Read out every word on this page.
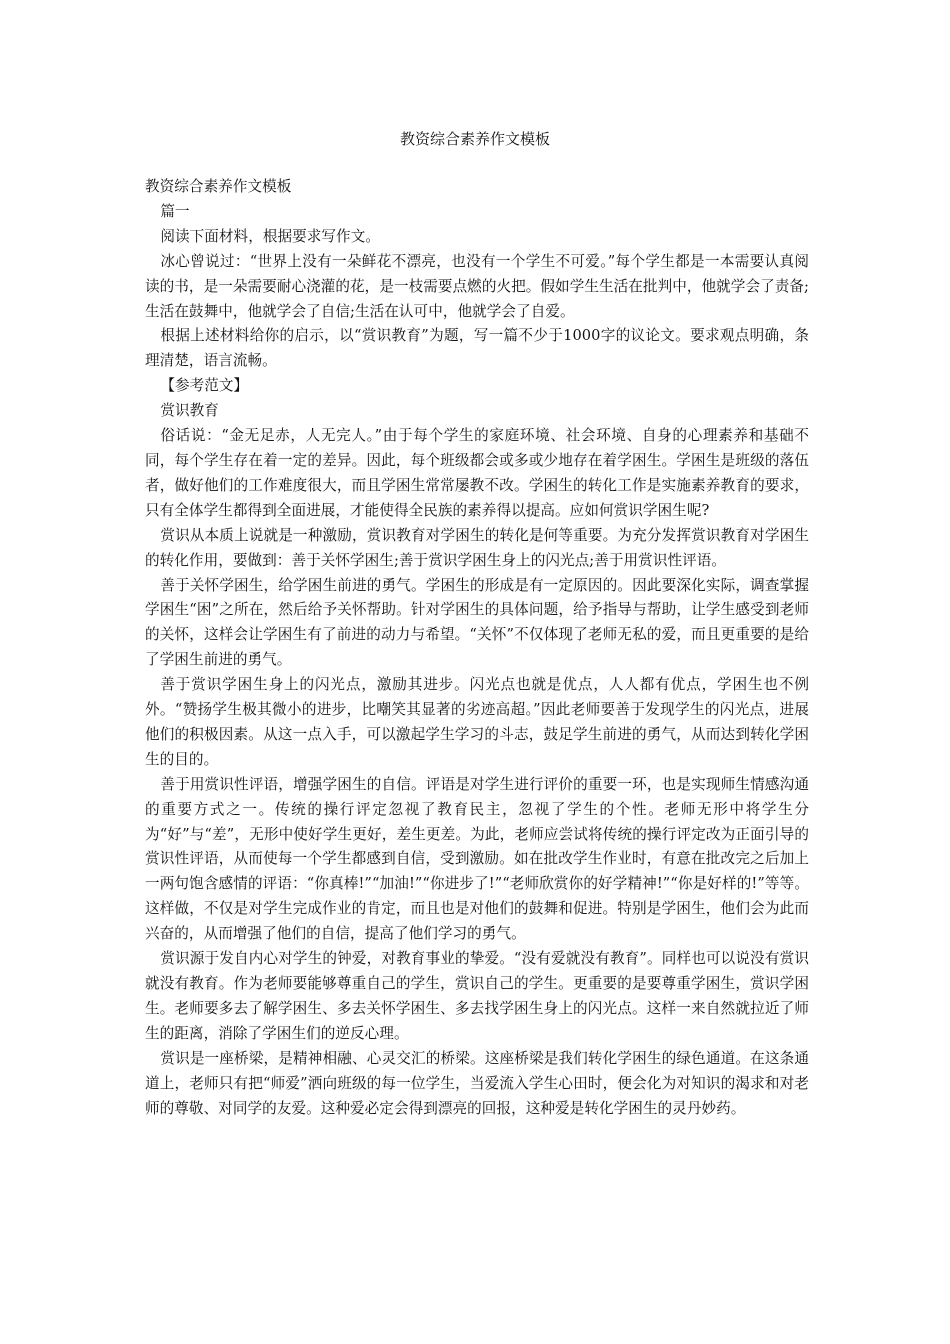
教资综合素养作文模板

教资综合素养作文模板

篇一

阅读下面材料，根据要求写作文。

冰心曾说过：“世界上没有一朵鲜花不漂亮，也没有一个学生不可爱。”每个学生都是一本需要认真阅读的书，是一朵需要耐心浇灌的花，是一枝需要点燃的火把。假如学生生活在批判中，他就学会了责备;生活在鼓舞中，他就学会了自信;生活在认可中，他就学会了自爱。

根据上述材料给你的启示，以“赏识教育”为题，写一篇不少于1000字的议论文。要求观点明确，条理清楚，语言流畅。

【参考范文】

赏识教育

俗话说：“金无足赤，人无完人。”由于每个学生的家庭环境、社会环境、自身的心理素养和基础不同，每个学生存在着一定的差异。因此，每个班级都会或多或少地存在着学困生。学困生是班级的落伍者，做好他们的工作难度很大，而且学困生常常屡教不改。学困生的转化工作是实施素养教育的要求，只有全体学生都得到全面进展，才能使得全民族的素养得以提高。应如何赏识学困生呢?

赏识从本质上说就是一种激励，赏识教育对学困生的转化是何等重要。为充分发挥赏识教育对学困生的转化作用，要做到：善于关怀学困生;善于赏识学困生身上的闪光点;善于用赏识性评语。

善于关怀学困生，给学困生前进的勇气。学困生的形成是有一定原因的。因此要深化实际，调查掌握学困生“困”之所在，然后给予关怀帮助。针对学困生的具体问题，给予指导与帮助，让学生感受到老师的关怀，这样会让学困生有了前进的动力与希望。“关怀”不仅体现了老师无私的爱，而且更重要的是给了学困生前进的勇气。

善于赏识学困生身上的闪光点，激励其进步。闪光点也就是优点，人人都有优点，学困生也不例外。“赞扬学生极其微小的进步，比嘲笑其显著的劣迹高超。”因此老师要善于发现学生的闪光点，进展他们的积极因素。从这一点入手，可以激起学生学习的斗志，鼓足学生前进的勇气，从而达到转化学困生的目的。

善于用赏识性评语，增强学困生的自信。评语是对学生进行评价的重要一环，也是实现师生情感沟通的重要方式之一。传统的操行评定忽视了教育民主，忽视了学生的个性。老师无形中将学生分为“好”与“差”，无形中使好学生更好，差生更差。为此，老师应尝试将传统的操行评定改为正面引导的赏识性评语，从而使每一个学生都感到自信，受到激励。如在批改学生作业时，有意在批改完之后加上一两句饱含感情的评语：“你真棒!”“加油!”“你进步了!”“老师欣赏你的好学精神!”“你是好样的!”等等。这样做，不仅是对学生完成作业的肯定，而且也是对他们的鼓舞和促进。特别是学困生，他们会为此而兴奋的，从而增强了他们的自信，提高了他们学习的勇气。

赏识源于发自内心对学生的钟爱，对教育事业的挚爱。“没有爱就没有教育”。同样也可以说没有赏识就没有教育。作为老师要能够尊重自己的学生，赏识自己的学生。更重要的是要尊重学困生，赏识学困生。老师要多去了解学困生、多去关怀学困生、多去找学困生身上的闪光点。这样一来自然就拉近了师生的距离，消除了学困生们的逆反心理。

赏识是一座桥梁，是精神相融、心灵交汇的桥梁。这座桥梁是我们转化学困生的绿色通道。在这条通道上，老师只有把“师爱”洒向班级的每一位学生，当爱流入学生心田时，便会化为对知识的渴求和对老师的尊敬、对同学的友爱。这种爱必定会得到漂亮的回报，这种爱是转化学困生的灵丹妙药。
